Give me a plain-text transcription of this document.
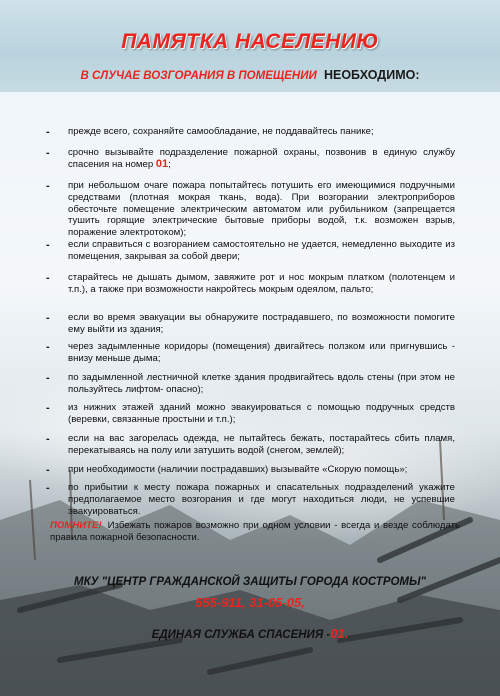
ПАМЯТКА НАСЕЛЕНИЮ
В СЛУЧАЕ ВОЗГОРАНИЯ В ПОМЕЩЕНИИ НЕОБХОДИМО:
- прежде всего, сохраняйте самообладание, не поддавайтесь панике;
- срочно вызывайте подразделение пожарной охраны, позвонив в единую службу спасения на номер 01;
- при небольшом очаге пожара попытайтесь потушить его имеющимися подручными средствами (плотная мокрая ткань, вода). При возгорании электроприборов обесточьте помещение электрическим автоматом или рубильником (запрещается тушить горящие электрические бытовые приборы водой, т.к. возможен взрыв, поражение электротоком);
- если справиться с возгоранием самостоятельно не удается, немедленно выходите из помещения, закрывая за собой двери;
- старайтесь не дышать дымом, завяжите рот и нос мокрым платком (полотенцем и т.п.), а также при возможности накройтесь мокрым одеялом, пальто;
- если во время эвакуации вы обнаружите пострадавшего, по возможности помогите ему выйти из здания;
- через задымленные коридоры (помещения) двигайтесь ползком или пригнувшись - внизу меньше дыма;
- по задымленной лестничной клетке здания продвигайтесь вдоль стены (при этом не пользуйтесь лифтом- опасно);
- из нижних этажей зданий можно эвакуироваться с помощью подручных средств (веревки, связанные простыни и т.п.);
- если на вас загорелась одежда, не пытайтесь бежать, постарайтесь сбить пламя, перекатываясь на полу или затушить водой (снегом, землей);
- при необходимости (наличии пострадавших) вызывайте «Скорую помощь»;
- по прибытии к месту пожара пожарных и спасательных подразделений укажите предполагаемое место возгорания и где могут находиться люди, не успевшие эвакуироваться.
ПОМНИТЕ! Избежать пожаров возможно при одном условии - всегда и везде соблюдать правила пожарной безопасности.
МКУ "ЦЕНТР ГРАЖДАНСКОЙ ЗАЩИТЫ ГОРОДА КОСТРОМЫ"
555-911, 31-05-05,
ЕДИНАЯ СЛУЖБА СПАСЕНИЯ -01.
